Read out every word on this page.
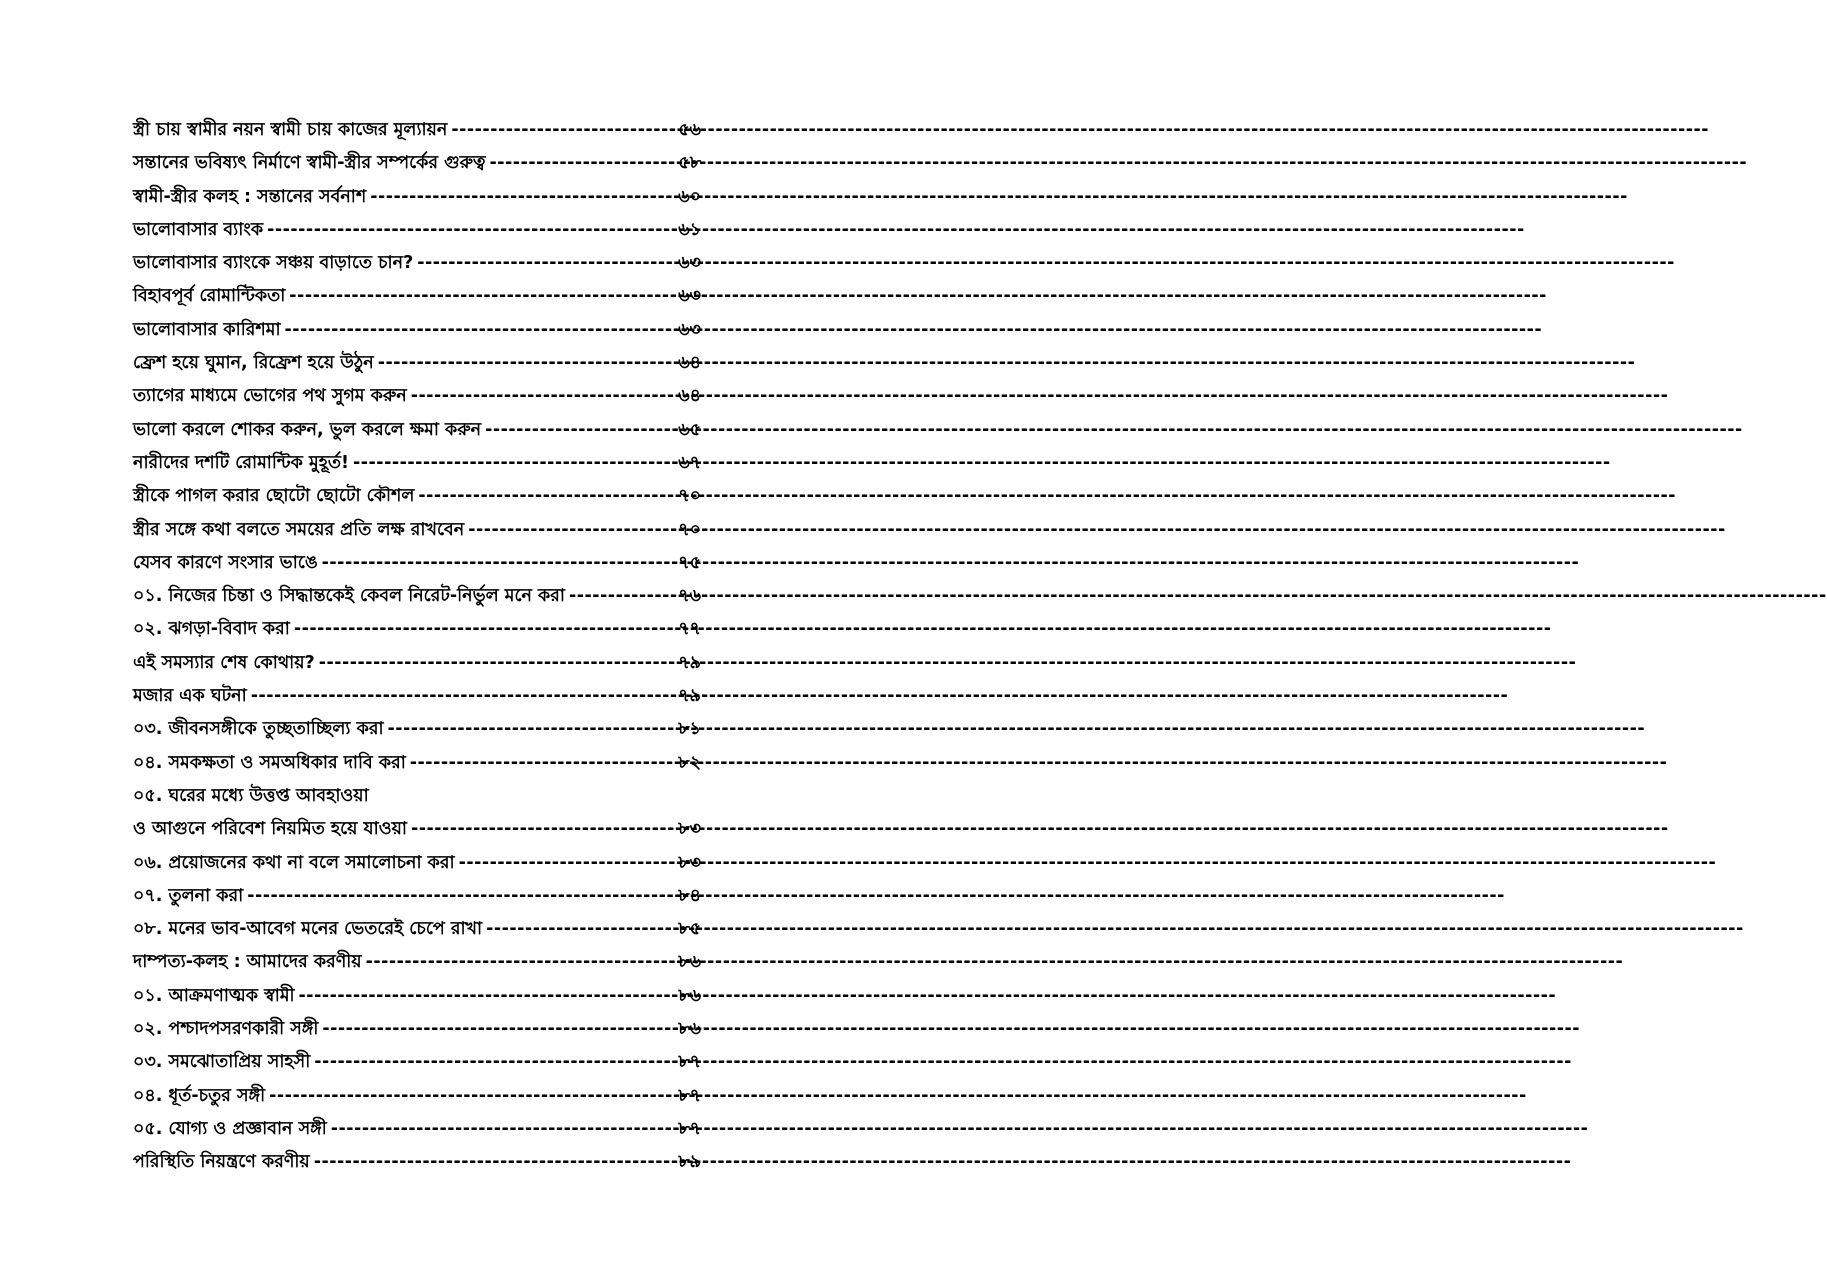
স্ত্রী চায় স্বামীর নয়ন স্বামী চায় কাজের মূল্যায়ন -----	৫৬
সন্তানের ভবিষ্যৎ নির্মাণে স্বামী-স্ত্রীর সম্পর্কের গুরুত্ব -----	৫৮
স্বামী-স্ত্রীর কলহ : সন্তানের সর্বনাশ -----	৬০
ভালোবাসার ব্যাংক -----	৬১
ভালোবাসার ব্যাংকে সঞ্চয় বাড়াতে চান? -----	৬৩
বিহাবপূর্ব রোমান্টিকতা -----	৬৩
ভালোবাসার কারিশমা -----	৬৩
ফ্রেশ হয়ে ঘুমান, রিফ্রেশ হয়ে উঠুন -----	৬৪
ত্যাগের মাধ্যমে ভোগের পথ সুগম করুন -----	৬৪
ভালো করলে শোকর করুন, ভুল করলে ক্ষমা করুন -----	৬৫
নারীদের দশটি রোমান্টিক মুহূর্ত! -----	৬৭
স্ত্রীকে পাগল করার ছোটো ছোটো কৌশল -----	৭০
স্ত্রীর সঙ্গে কথা বলতে সময়ের প্রতি লক্ষ রাখবেন -----	৭০
যেসব কারণে সংসার ভাঙে -----	৭৫
০১. নিজের চিন্তা ও সিদ্ধান্তকেই কেবল নিরেট-নির্ভুল মনে করা -----	৭৬
০২. ঝগড়া-বিবাদ করা -----	৭৭
এই সমস্যার শেষ কোথায়? -----	৭৯
মজার এক ঘটনা -----	৭৯
০৩. জীবনসঙ্গীকে তুচ্ছতাচ্ছিল্য করা -----	৮১
০৪. সমকক্ষতা ও সমঅধিকার দাবি করা -----	৮২
০৫. ঘরের মধ্যে উত্তপ্ত আবহাওয়া
ও আগুনে পরিবেশ নিয়মিত হয়ে যাওয়া -----	৮৩
০৬. প্রয়োজনের কথা না বলে সমালোচনা করা -----	৮৩
০৭. তুলনা করা -----	৮৪
০৮. মনের ভাব-আবেগ মনের ভেতরেই চেপে রাখা -----	৮৫
দাম্পত্য-কলহ : আমাদের করণীয় -----	৮৬
০১. আক্রমণাত্মক স্বামী -----	৮৬
০২. পশ্চাদপসরণকারী সঙ্গী -----	৮৬
০৩. সমঝোতাপ্রিয় সাহসী -----	৮৭
০৪. ধূর্ত-চতুর সঙ্গী -----	৮৭
০৫. যোগ্য ও প্রজ্ঞাবান সঙ্গী -----	৮৭
পরিস্থিতি নিয়ন্ত্রণে করণীয় -----	৮৯
